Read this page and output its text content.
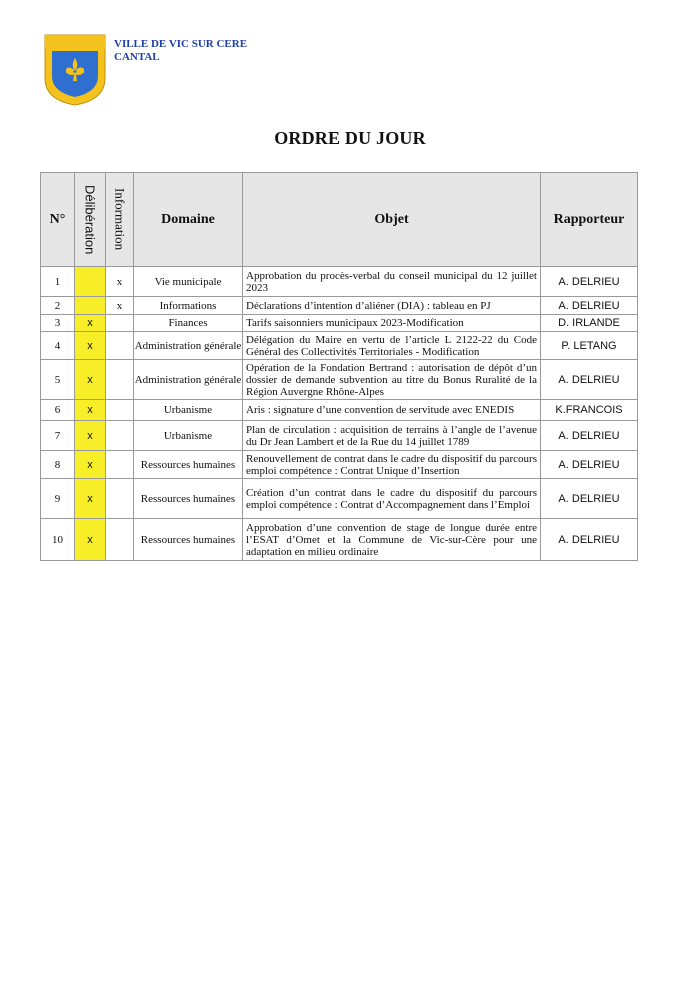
VILLE DE VIC SUR CERE
CANTAL
ORDRE DU JOUR
N°	Délibération	Information	Domaine	Objet	Rapporteur
1		x	Vie municipale	Approbation du procès-verbal du conseil municipal du 12 juillet 2023	A. DELRIEU
2		x	Informations	Déclarations d’intention d’aliéner (DIA) : tableau en PJ	A. DELRIEU
3	x		Finances	Tarifs saisonniers municipaux 2023-Modification	D. IRLANDE
4	x		Administration générale	Délégation du Maire en vertu de l’article L 2122-22 du Code Général des Collectivités Territoriales - Modification	P. LETANG
5	x		Administration générale	Opération de la Fondation Bertrand : autorisation de dépôt d’un dossier de demande subvention au titre du Bonus Ruralité de la Région Auvergne Rhône-Alpes	A. DELRIEU
6	x		Urbanisme	Aris : signature d’une convention de servitude avec ENEDIS	K.FRANCOIS
7	x		Urbanisme	Plan de circulation : acquisition de terrains à l’angle de l’avenue du Dr Jean Lambert et de la Rue du 14 juillet 1789	A. DELRIEU
8	x		Ressources humaines	Renouvellement de contrat dans le cadre du dispositif du parcours emploi compétence : Contrat Unique d’Insertion	A. DELRIEU
9	x		Ressources humaines	Création d’un contrat dans le cadre du dispositif du parcours emploi compétence : Contrat d’Accompagnement dans l’Emploi	A. DELRIEU
10	x		Ressources humaines	Approbation d’une convention de stage de longue durée entre l’ESAT d’Omet et la Commune de Vic-sur-Cère pour une adaptation en milieu ordinaire	A. DELRIEU
